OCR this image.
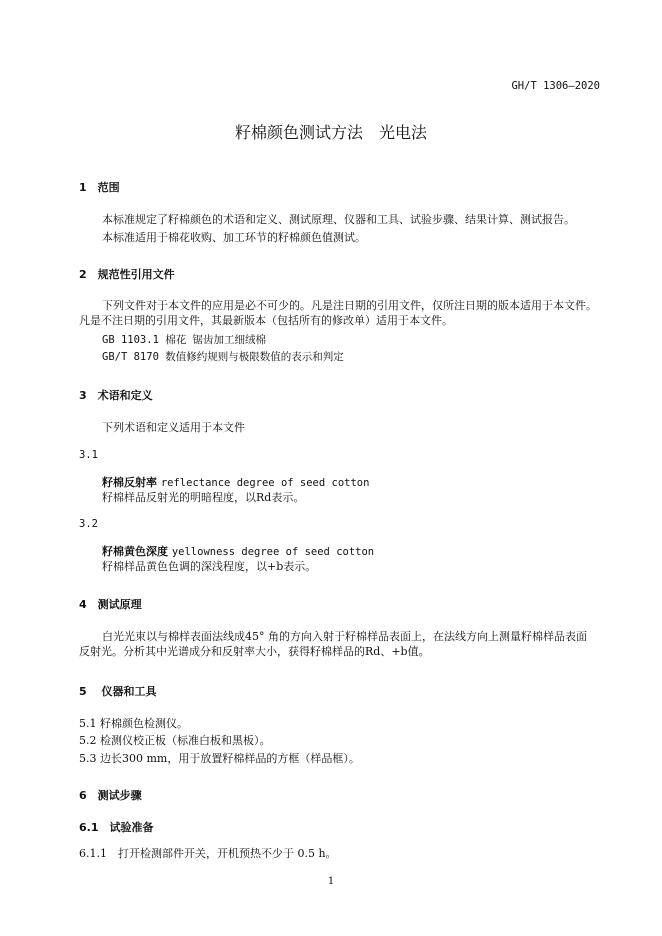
GH/T 1306—2020
籽棉颜色测试方法　光电法
1　范围
本标准规定了籽棉颜色的术语和定义、测试原理、仪器和工具、试验步骤、结果计算、测试报告。
本标准适用于棉花收购、加工环节的籽棉颜色值测试。
2　规范性引用文件
下列文件对于本文件的应用是必不可少的。凡是注日期的引用文件，仅所注日期的版本适用于本文件。凡是不注日期的引用文件，其最新版本（包括所有的修改单）适用于本文件。
GB 1103.1 棉花 锯齿加工细绒棉
GB/T 8170 数值修约规则与极限数值的表示和判定
3　术语和定义
下列术语和定义适用于本文件
3.1
籽棉反射率 reflectance degree of seed cotton
籽棉样品反射光的明暗程度，以Rd表示。
3.2
籽棉黄色深度 yellowness degree of seed cotton
籽棉样品黄色色调的深浅程度，以+b表示。
4　测试原理
白光光束以与棉样表面法线成45° 角的方向入射于籽棉样品表面上，在法线方向上测量籽棉样品表面反射光。分析其中光谱成分和反射率大小，获得籽棉样品的Rd、+b值。
5　 仪器和工具
5.1 籽棉颜色检测仪。
5.2 检测仪校正板（标准白板和黑板）。
5.3 边长300 mm，用于放置籽棉样品的方框（样品框）。
6　测试步骤
6.1　试验准备
6.1.1　打开检测部件开关，开机预热不少于 0.5 h。
1
